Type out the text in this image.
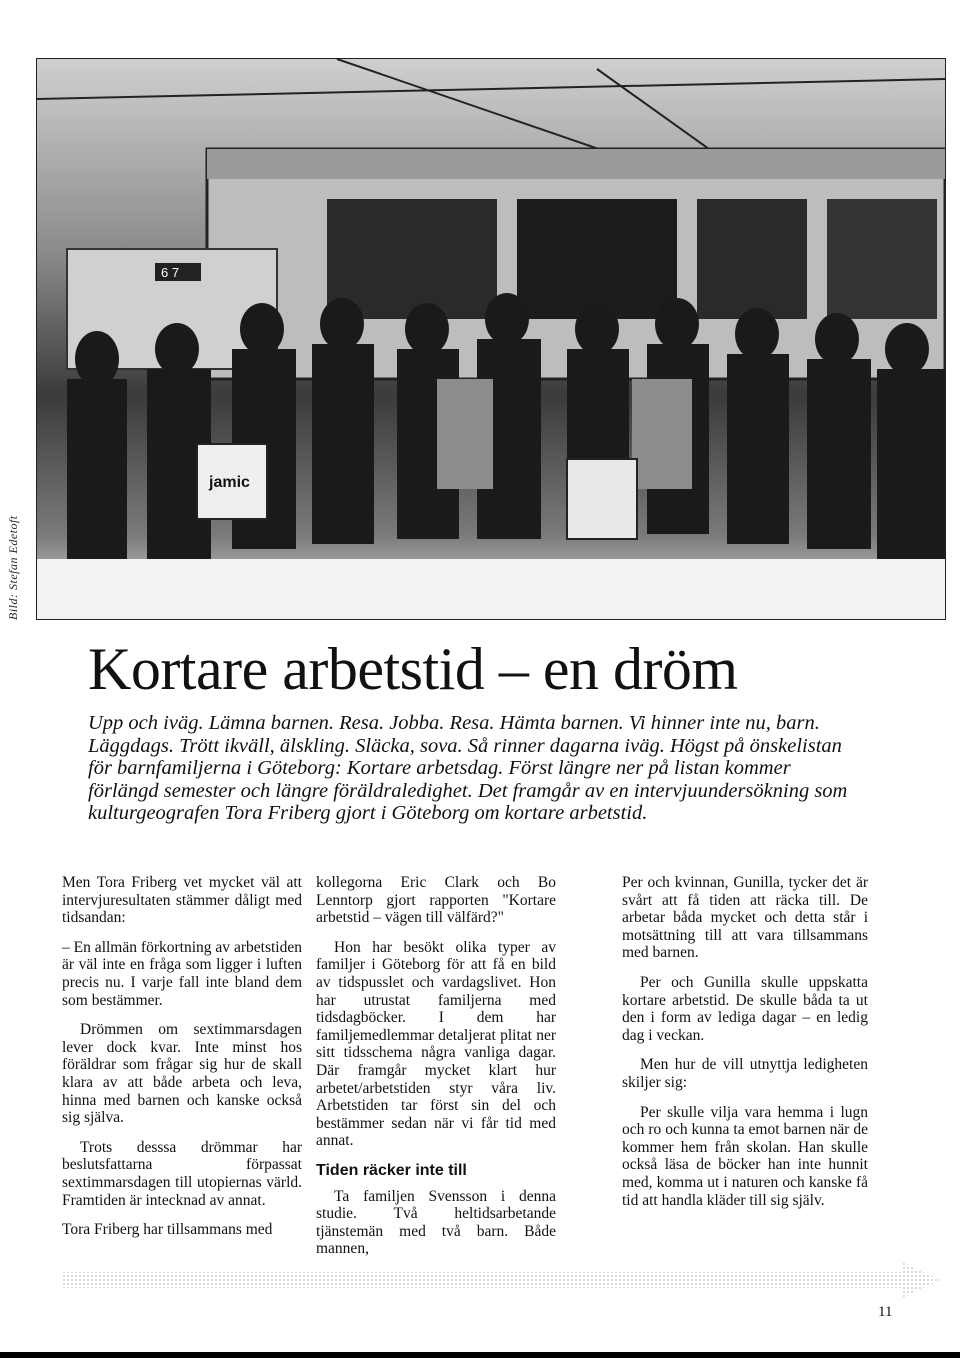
6 7
jamic
Bild: Stefan Edetoft
Kortare arbetstid – en dröm

Upp och iväg. Lämna barnen. Resa. Jobba. Resa. Hämta barnen. Vi hinner inte nu, barn. Läggdags. Trött ikväll, älskling. Släcka, sova. Så rinner dagarna iväg. Högst på önskelistan för barnfamiljerna i Göteborg: Kortare arbetsdag. Först längre ner på listan kommer förlängd semester och längre föräldraledighet. Det framgår av en intervjuundersökning som kulturgeografen Tora Friberg gjort i Göteborg om kortare arbetstid.

Men Tora Friberg vet mycket väl att intervjuresultaten stämmer dåligt med tidsandan:

– En allmän förkortning av arbetstiden är väl inte en fråga som ligger i luften precis nu. I varje fall inte bland dem som bestämmer.

Drömmen om sextimmarsdagen lever dock kvar. Inte minst hos föräldrar som frågar sig hur de skall klara av att både arbeta och leva, hinna med barnen och kanske också sig själva.

Trots desssa drömmar har beslutsfattarna förpassat sextimmarsdagen till utopiernas värld. Framtiden är intecknad av annat.

Tora Friberg har tillsammans med

kollegorna Eric Clark och Bo Lenntorp gjort rapporten "Kortare arbetstid – vägen till välfärd?"

Hon har besökt olika typer av familjer i Göteborg för att få en bild av tidspusslet och vardagslivet. Hon har utrustat familjerna med tidsdagböcker. I dem har familjemedlemmar detaljerat plitat ner sitt tidsschema några vanliga dagar. Där framgår mycket klart hur arbetet/arbetstiden styr våra liv. Arbetstiden tar först sin del och bestämmer sedan när vi får tid med annat.

Tiden räcker inte till

Ta familjen Svensson i denna studie. Två heltidsarbetande tjänstemän med två barn. Både mannen,

Per och kvinnan, Gunilla, tycker det är svårt att få tiden att räcka till. De arbetar båda mycket och detta står i motsättning till att vara tillsammans med barnen.

Per och Gunilla skulle uppskatta kortare arbetstid. De skulle båda ta ut den i form av lediga dagar – en ledig dag i veckan.

Men hur de vill utnyttja ledigheten skiljer sig:

Per skulle vilja vara hemma i lugn och ro och kunna ta emot barnen när de kommer hem från skolan. Han skulle också läsa de böcker han inte hunnit med, komma ut i naturen och kanske få tid att handla kläder till sig själv.

11
